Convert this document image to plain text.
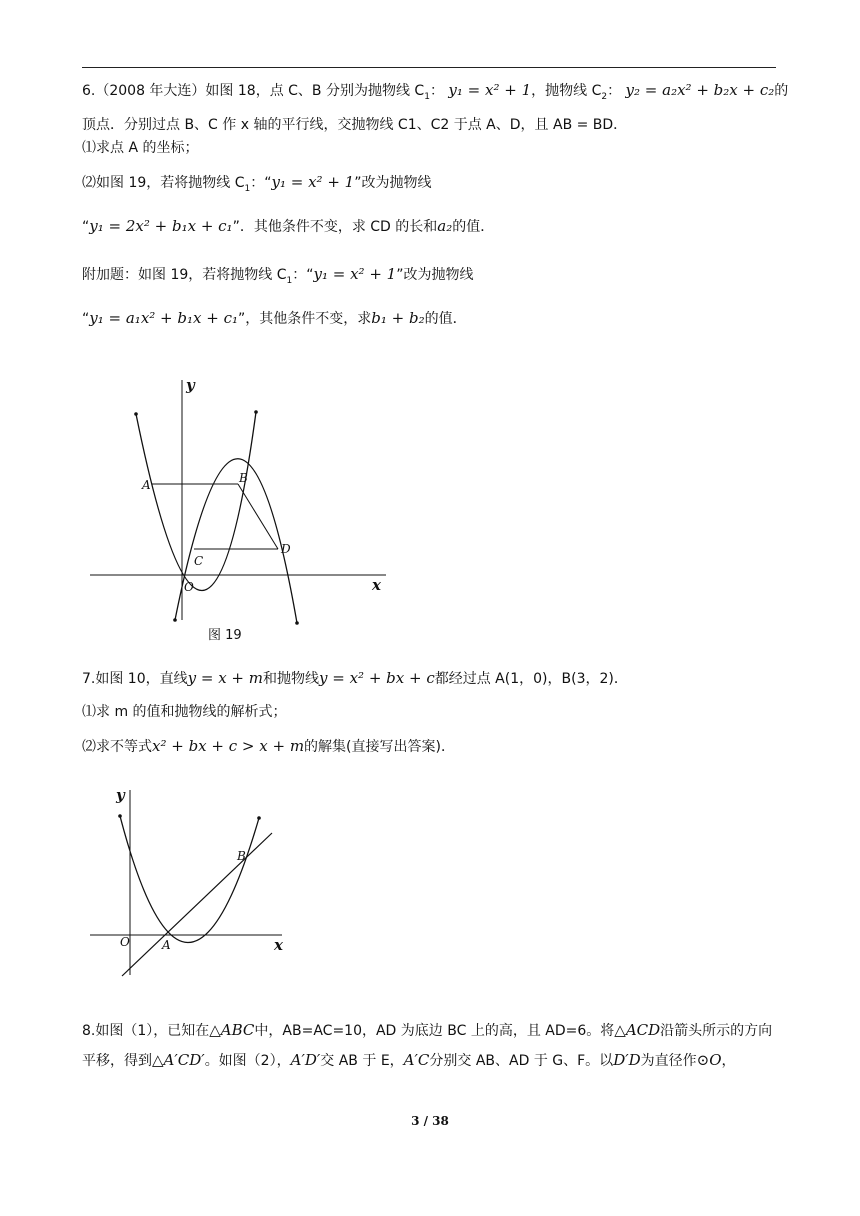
6.（2008 年大连）如图 18，点 C、B 分别为抛物线 $C_1$： y₁ = x² + 1，抛物线 $C_2$： y₂ = a₂x² + b₂x + c₂的
顶点．分别过点 B、C 作 x 轴的平行线，交抛物线 C1、C2 于点 A、D，且 AB = BD．
⑴求点 A 的坐标；
⑵如图 19，若将抛物线 $C_1$：“y₁ = x² + 1”改为抛物线
“y₁ = 2x² + b₁x + c₁”．其他条件不变，求 CD 的长和a₂的值．
附加题：如图 19，若将抛物线 $C_1$：“y₁ = x² + 1”改为抛物线
“y₁ = a₁x² + b₁x + c₁”，其他条件不变，求b₁ + b₂的值．
y
x
O
A	B
C
D
图 19
7.如图 10，直线y = x + m和抛物线y = x² + bx + c都经过点 A(1，0)，B(3，2)．
⑴求 m 的值和抛物线的解析式；
⑵求不等式x² + bx + c > x + m的解集(直接写出答案)．
y
x
O	A
B
8.如图（1），已知在△ABC中，AB=AC=10，AD 为底边 BC 上的高，且 AD=6。将△ACD沿箭头所示的方向
平移，得到△A′CD′。如图（2），A′D′交 AB 于 E，A′C分别交 AB、AD 于 G、F。以D′D为直径作⊙O，
3 / 38
